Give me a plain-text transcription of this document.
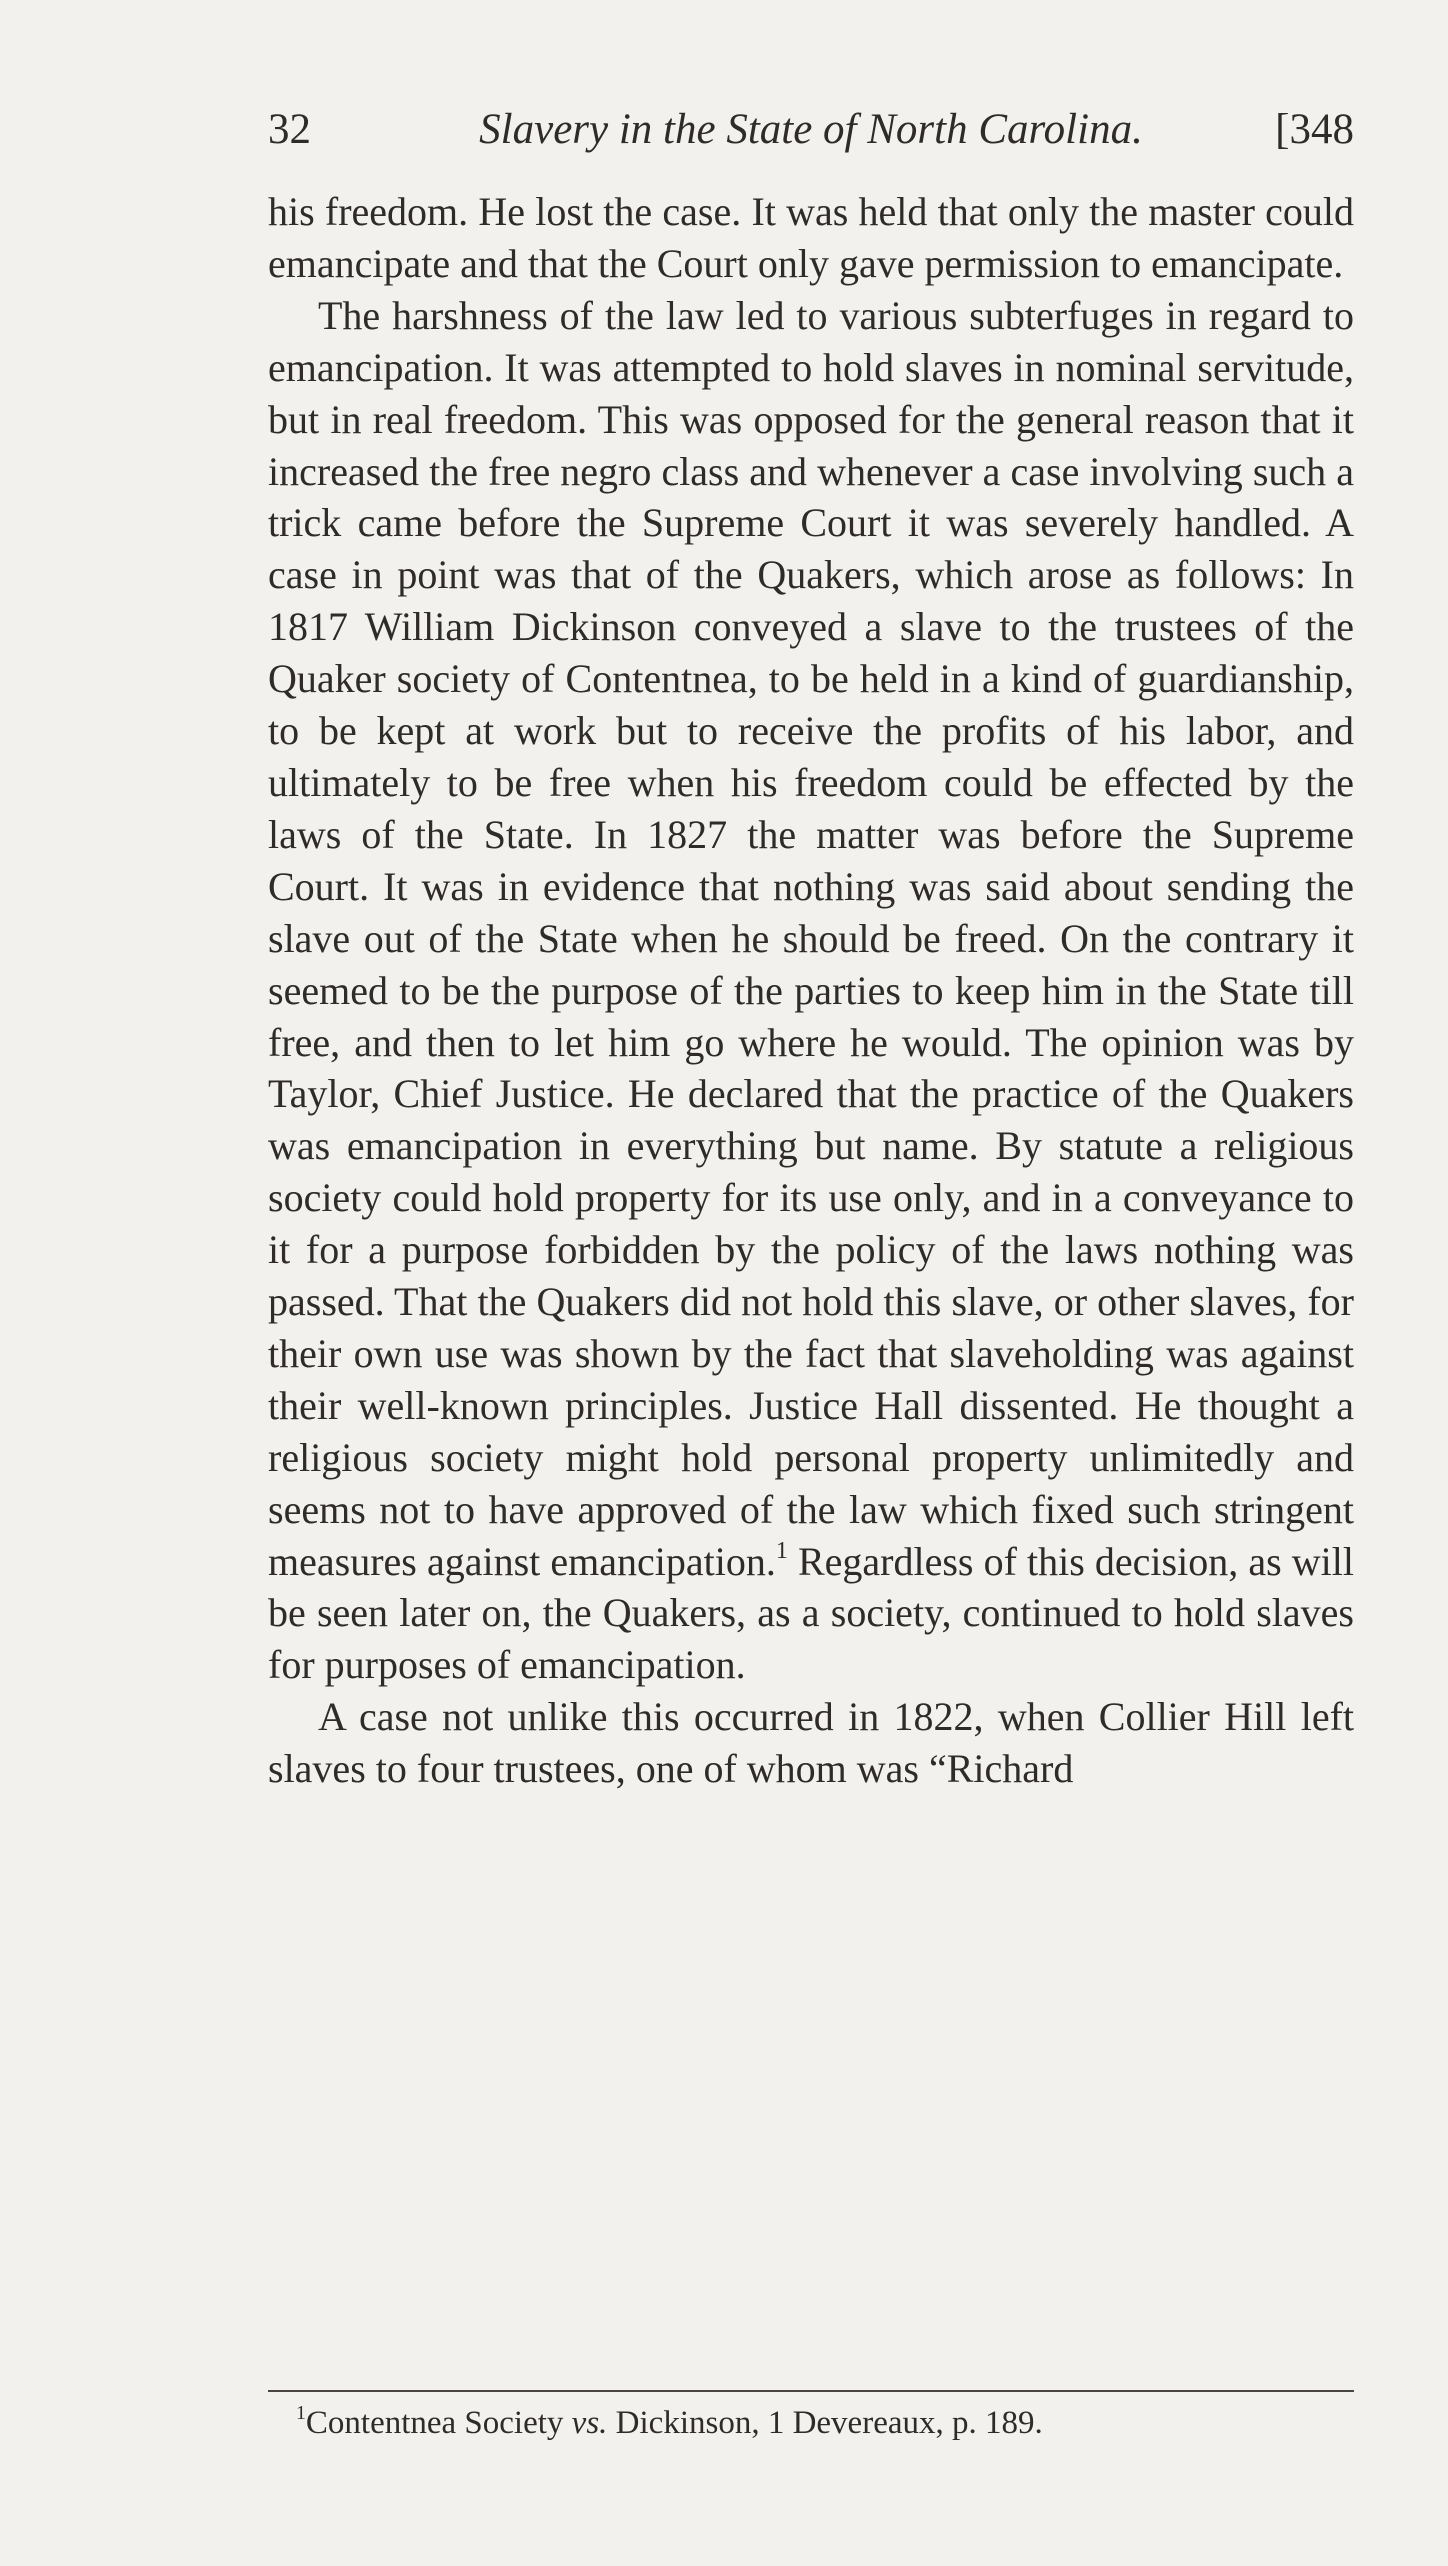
32	Slavery in the State of North Carolina.	[348

his freedom. He lost the case. It was held that only the master could emancipate and that the Court only gave permission to emancipate.

The harshness of the law led to various subterfuges in regard to emancipation. It was attempted to hold slaves in nominal servitude, but in real freedom. This was opposed for the general reason that it increased the free negro class and whenever a case involving such a trick came before the Supreme Court it was severely handled. A case in point was that of the Quakers, which arose as follows: In 1817 William Dickinson conveyed a slave to the trustees of the Quaker society of Contentnea, to be held in a kind of guardianship, to be kept at work but to receive the profits of his labor, and ultimately to be free when his freedom could be effected by the laws of the State. In 1827 the matter was before the Supreme Court. It was in evidence that nothing was said about sending the slave out of the State when he should be freed. On the contrary it seemed to be the purpose of the parties to keep him in the State till free, and then to let him go where he would. The opinion was by Taylor, Chief Justice. He declared that the practice of the Quakers was emancipation in everything but name. By statute a religious society could hold property for its use only, and in a conveyance to it for a purpose forbidden by the policy of the laws nothing was passed. That the Quakers did not hold this slave, or other slaves, for their own use was shown by the fact that slaveholding was against their well-known principles. Justice Hall dissented. He thought a religious society might hold personal property unlimitedly and seems not to have approved of the law which fixed such stringent measures against emancipation.$^1$ Regardless of this decision, as will be seen later on, the Quakers, as a society, continued to hold slaves for purposes of emancipation.

A case not unlike this occurred in 1822, when Collier Hill left slaves to four trustees, one of whom was “Richard

$^1$Contentnea Society vs. Dickinson, 1 Devereaux, p. 189.
